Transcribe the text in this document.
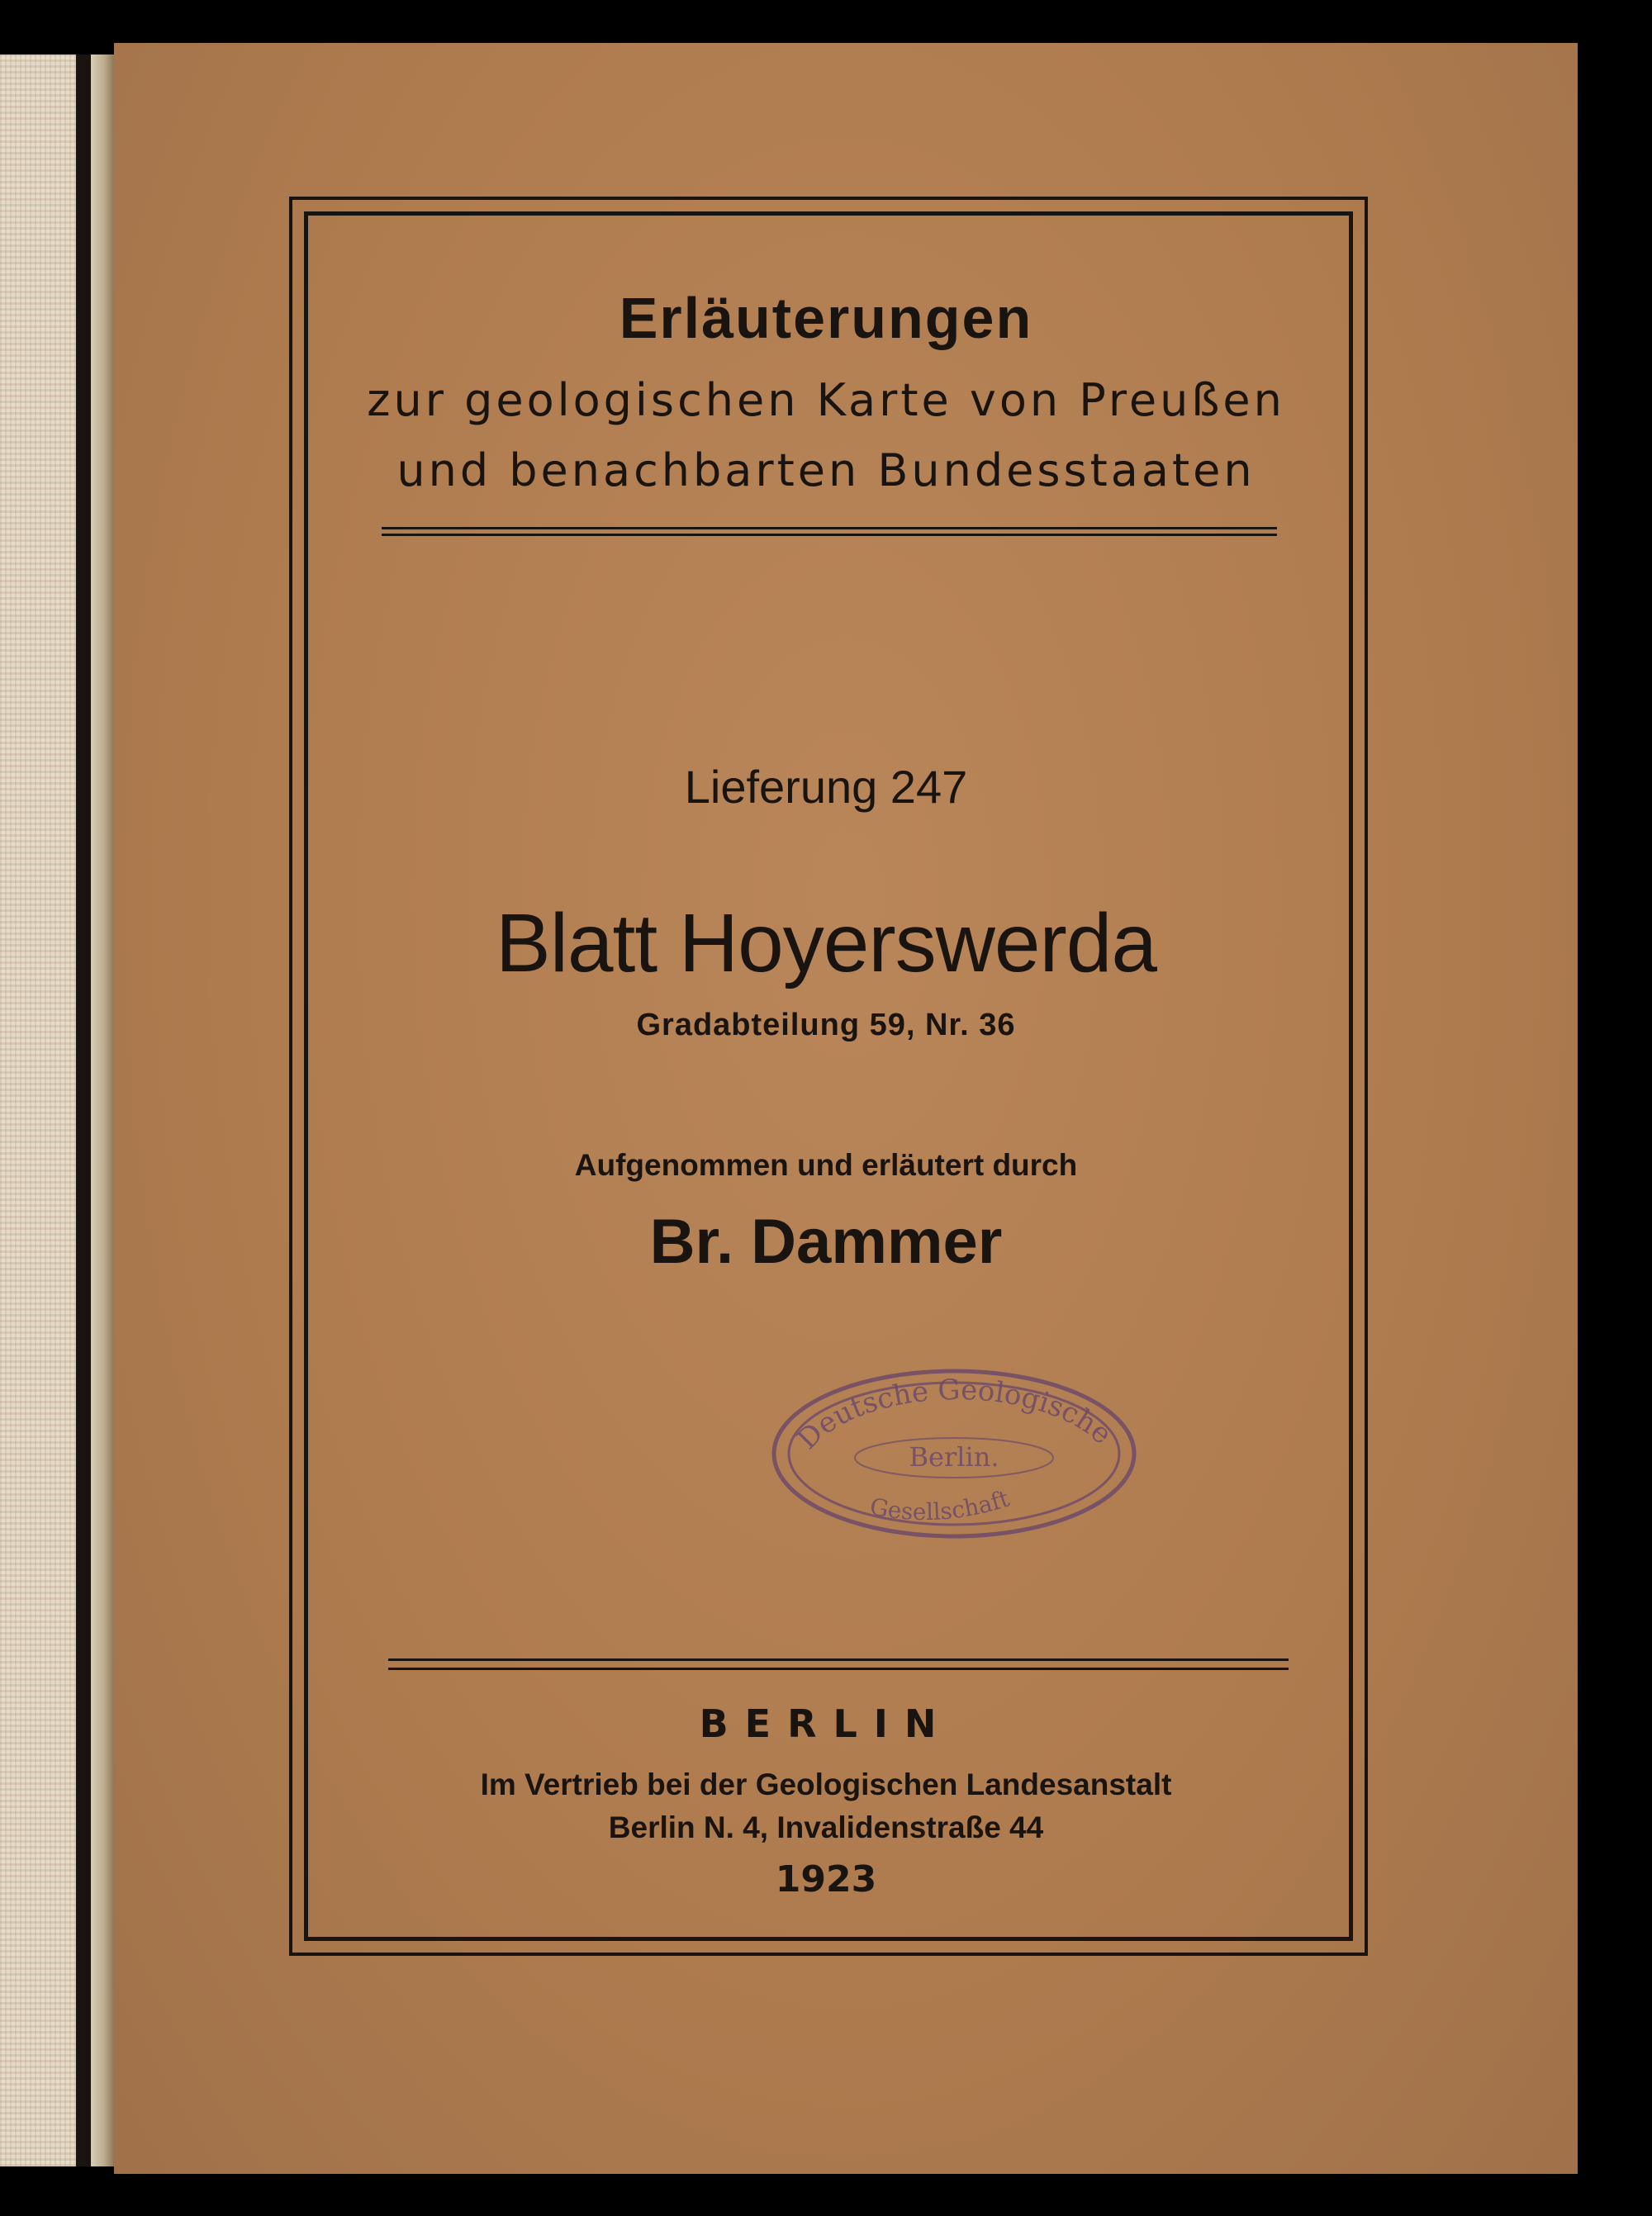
Erläuterungen

zur geologischen Karte von Preußen

und benachbarten Bundesstaaten

Lieferung 247

Blatt Hoyerswerda

Gradabteilung 59, Nr. 36

Aufgenommen und erläutert durch

Br. Dammer

Deutsche Geologische
Berlin.
Gesellschaft

BERLIN

Im Vertrieb bei der Geologischen Landesanstalt

Berlin N. 4, Invalidenstraße 44

1923
